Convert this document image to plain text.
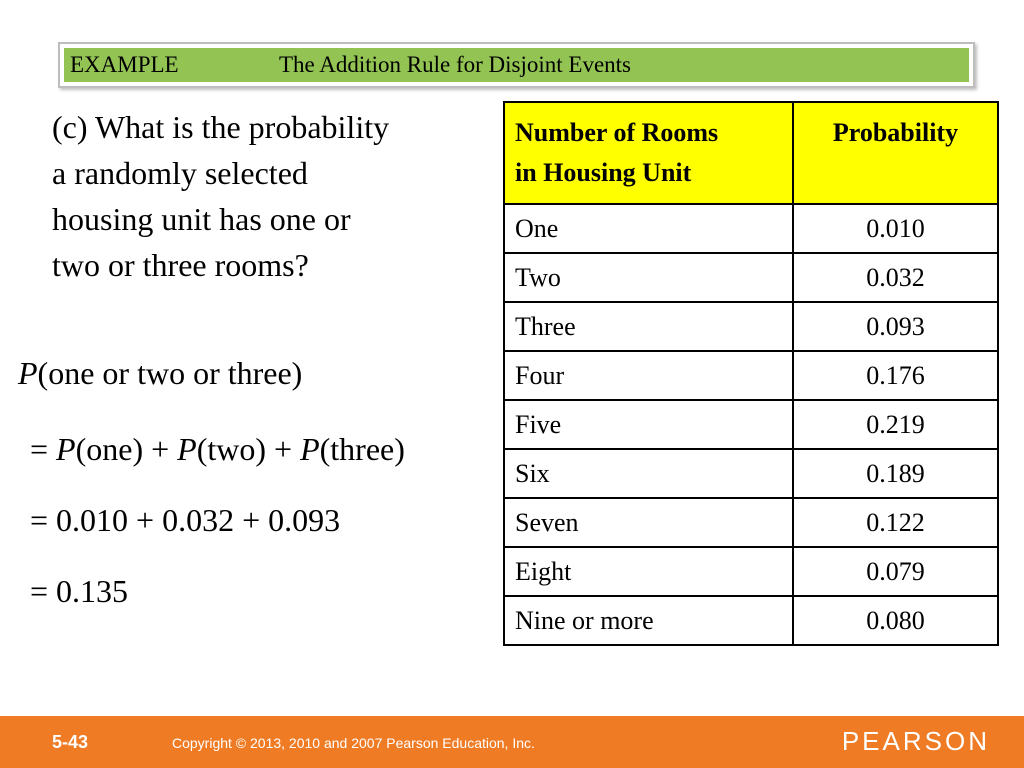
EXAMPLE	The Addition Rule for Disjoint Events
(c) What is the probability
a randomly selected
housing unit has one or
two or three rooms?
P(one or two or three)
= P(one) + P(two) + P(three)
= 0.010 + 0.032 + 0.093
= 0.135
Number of Rooms
in Housing Unit	Probability
One	0.010
Two	0.032
Three	0.093
Four	0.176
Five	0.219
Six	0.189
Seven	0.122
Eight	0.079
Nine or more	0.080
5-43	Copyright © 2013, 2010 and 2007 Pearson Education, Inc.	PEARSON
